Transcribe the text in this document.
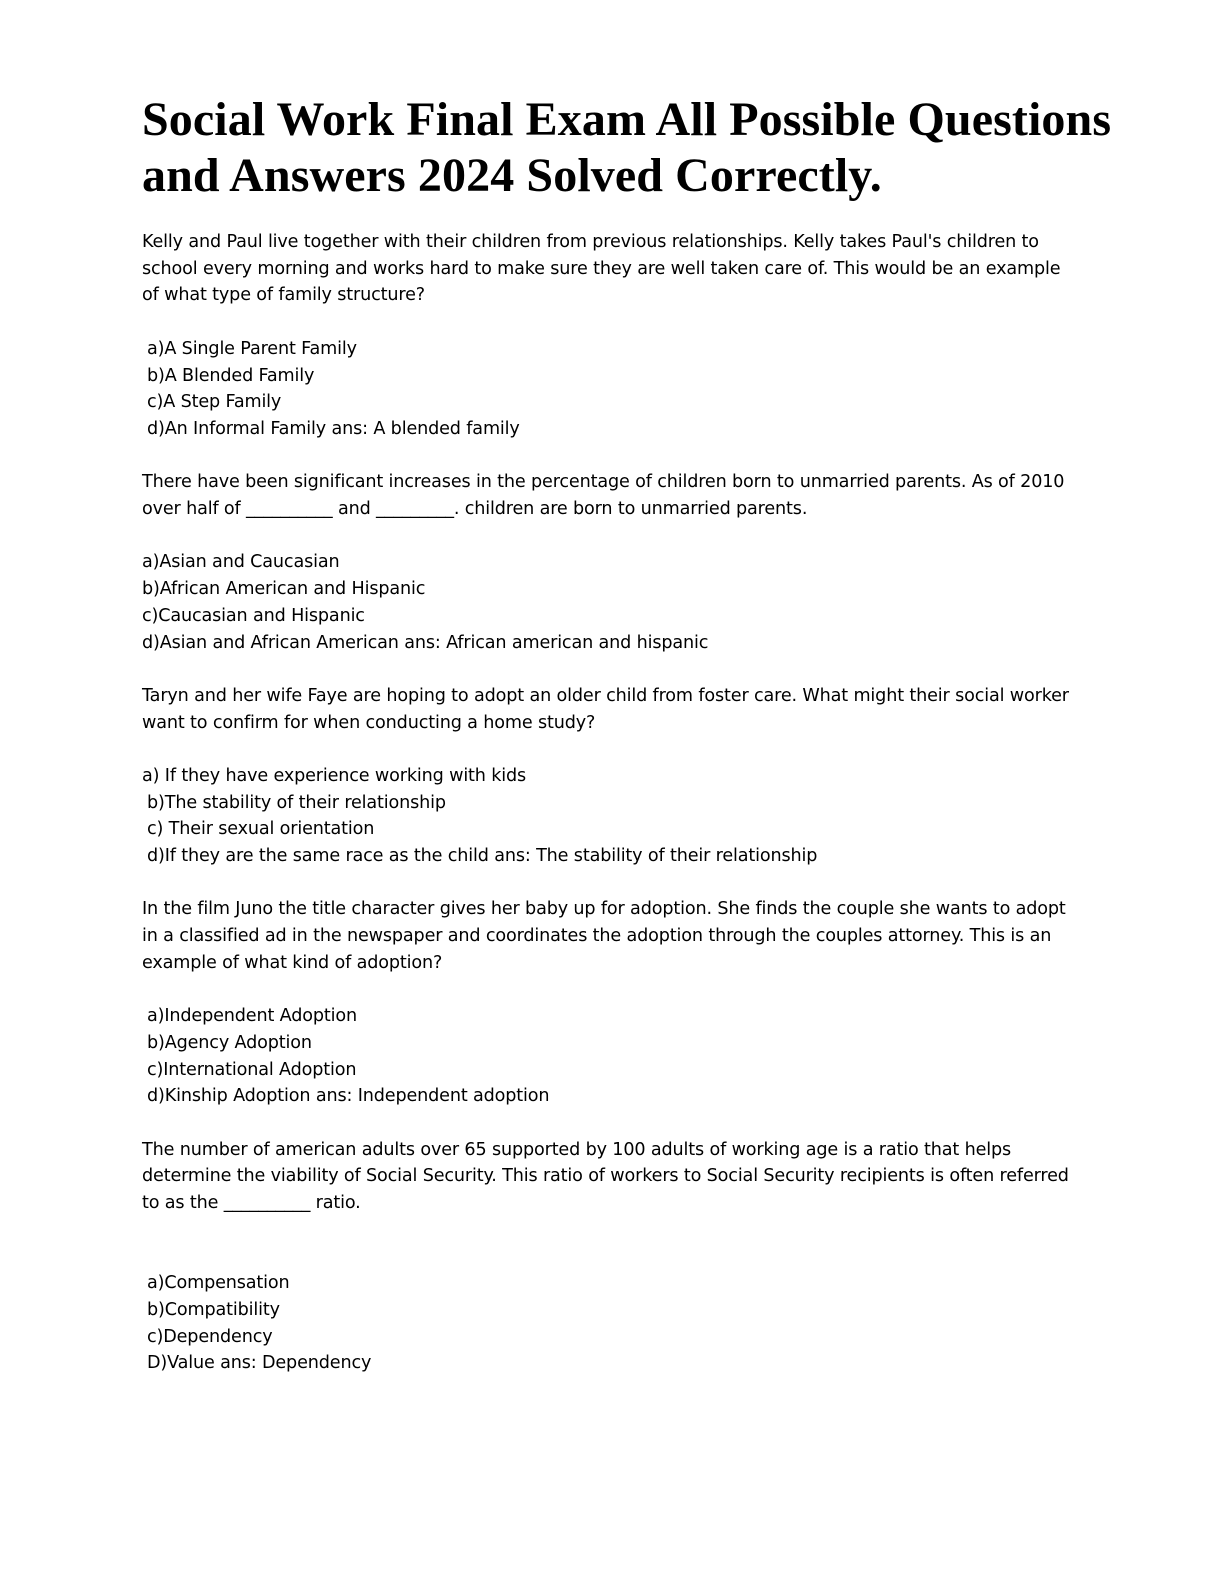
Social Work Final Exam All Possible Questions
and Answers 2024 Solved Correctly.

Kelly and Paul live together with their children from previous relationships. Kelly takes Paul's children to school every morning and works hard to make sure they are well taken care of. This would be an example of what type of family structure?

a)A Single Parent Family
b)A Blended Family
c)A Step Family
d)An Informal Family ans: A blended family

There have been significant increases in the percentage of children born to unmarried parents. As of 2010 over half of __________ and _________. children are born to unmarried parents.

a)Asian and Caucasian
b)African American and Hispanic
c)Caucasian and Hispanic
d)Asian and African American ans: African american and hispanic

Taryn and her wife Faye are hoping to adopt an older child from foster care. What might their social worker want to confirm for when conducting a home study?

a) If they have experience working with kids
b)The stability of their relationship
c) Their sexual orientation
d)If they are the same race as the child ans: The stability of their relationship

In the film Juno the title character gives her baby up for adoption. She finds the couple she wants to adopt in a classified ad in the newspaper and coordinates the adoption through the couples attorney. This is an example of what kind of adoption?

a)Independent Adoption
b)Agency Adoption
c)International Adoption
d)Kinship Adoption ans: Independent adoption

The number of american adults over 65 supported by 100 adults of working age is a ratio that helps determine the viability of Social Security. This ratio of workers to Social Security recipients is often referred to as the __________ ratio.

a)Compensation
b)Compatibility
c)Dependency
D)Value ans: Dependency
